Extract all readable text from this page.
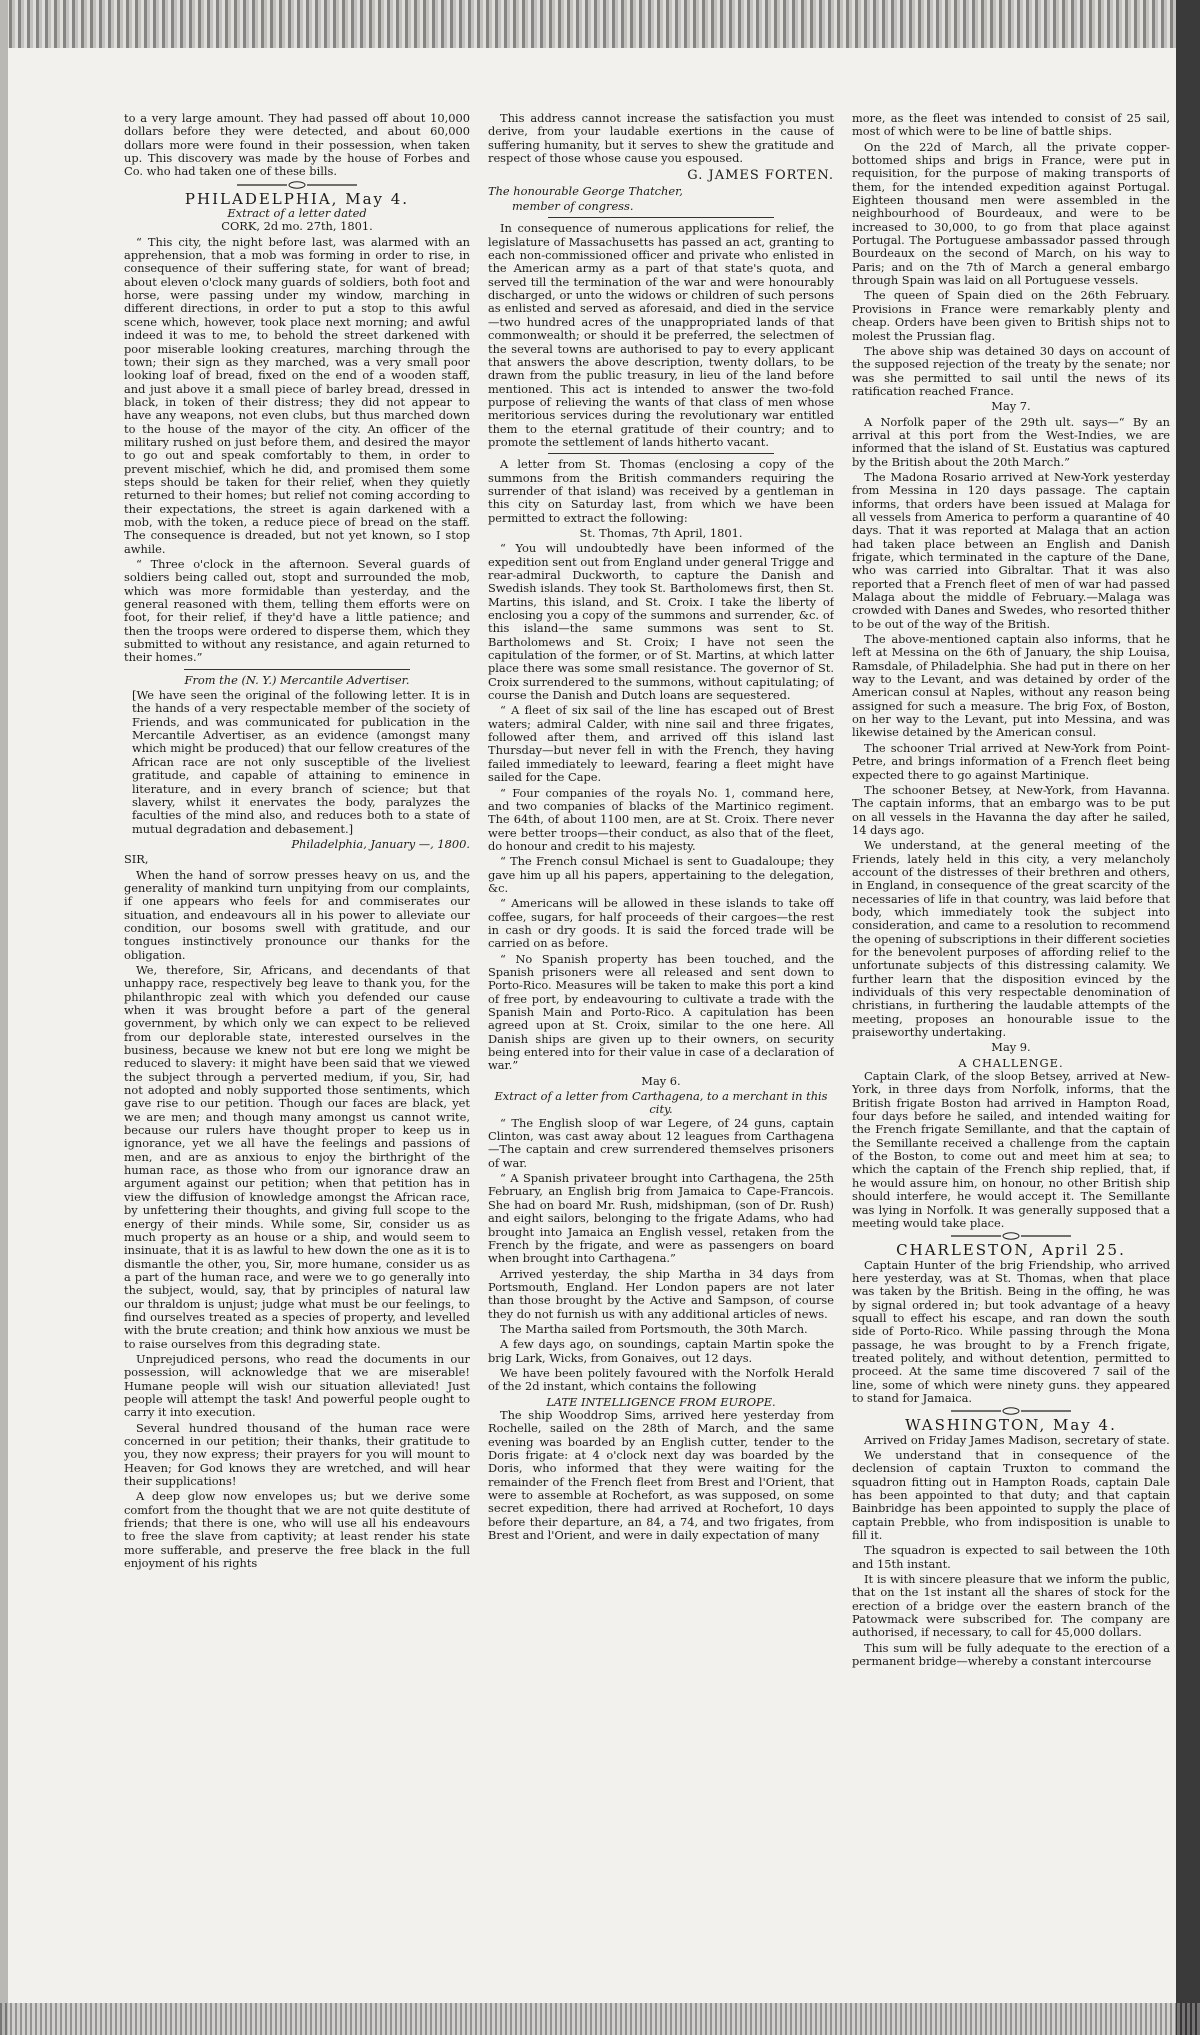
to a very large amount. They had passed off about 10,000 dollars before they were detected, and about 60,000 dollars more were found in their possession, when taken up. This discovery was made by the house of Forbes and Co. who had taken one of these bills.

PHILADELPHIA, May 4.

Extract of a letter dated

CORK, 2d mo. 27th, 1801.

“ This city, the night before last, was alarmed with an apprehension, that a mob was forming in order to rise, in consequence of their suffering state, for want of bread; about eleven o'clock many guards of soldiers, both foot and horse, were passing under my window, marching in different directions, in order to put a stop to this awful scene which, however, took place next morning; and awful indeed it was to me, to behold the street darkened with poor miserable looking creatures, marching through the town; their sign as they marched, was a very small poor looking loaf of bread, fixed on the end of a wooden staff, and just above it a small piece of barley bread, dressed in black, in token of their distress; they did not appear to have any weapons, not even clubs, but thus marched down to the house of the mayor of the city. An officer of the military rushed on just before them, and desired the mayor to go out and speak comfortably to them, in order to prevent mischief, which he did, and promised them some steps should be taken for their relief, when they quietly returned to their homes; but relief not coming according to their expectations, the street is again darkened with a mob, with the token, a reduce piece of bread on the staff. The consequence is dreaded, but not yet known, so I stop awhile.

“ Three o'clock in the afternoon. Several guards of soldiers being called out, stopt and surrounded the mob, which was more formidable than yesterday, and the general reasoned with them, telling them efforts were on foot, for their relief, if they'd have a little patience; and then the troops were ordered to disperse them, which they submitted to without any resistance, and again returned to their homes.”

From the (N. Y.) Mercantile Advertiser.

[We have seen the original of the following letter. It is in the hands of a very respectable member of the society of Friends, and was communicated for publication in the Mercantile Advertiser, as an evidence (amongst many which might be produced) that our fellow creatures of the African race are not only susceptible of the liveliest gratitude, and capable of attaining to eminence in literature, and in every branch of science; but that slavery, whilst it enervates the body, paralyzes the faculties of the mind also, and reduces both to a state of mutual degradation and debasement.]

Philadelphia, January —, 1800.

SIR,

When the hand of sorrow presses heavy on us, and the generality of mankind turn unpitying from our complaints, if one appears who feels for and commiserates our situation, and endeavours all in his power to alleviate our condition, our bosoms swell with gratitude, and our tongues instinctively pronounce our thanks for the obligation.

We, therefore, Sir, Africans, and decendants of that unhappy race, respectively beg leave to thank you, for the philanthropic zeal with which you defended our cause when it was brought before a part of the general government, by which only we can expect to be relieved from our deplorable state, interested ourselves in the business, because we knew not but ere long we might be reduced to slavery: it might have been said that we viewed the subject through a perverted medium, if you, Sir, had not adopted and nobly supported those sentiments, which gave rise to our petition. Though our faces are black, yet we are men; and though many amongst us cannot write, because our rulers have thought proper to keep us in ignorance, yet we all have the feelings and passions of men, and are as anxious to enjoy the birthright of the human race, as those who from our ignorance draw an argument against our petition; when that petition has in view the diffusion of knowledge amongst the African race, by unfettering their thoughts, and giving full scope to the energy of their minds. While some, Sir, consider us as much property as an house or a ship, and would seem to insinuate, that it is as lawful to hew down the one as it is to dismantle the other, you, Sir, more humane, consider us as a part of the human race, and were we to go generally into the subject, would, say, that by principles of natural law our thraldom is unjust; judge what must be our feelings, to find ourselves treated as a species of property, and levelled with the brute creation; and think how anxious we must be to raise ourselves from this degrading state.

Unprejudiced persons, who read the documents in our possession, will acknowledge that we are miserable! Humane people will wish our situation alleviated! Just people will attempt the task! And powerful people ought to carry it into execution.

Several hundred thousand of the human race were concerned in our petition; their thanks, their gratitude to you, they now express; their prayers for you will mount to Heaven; for God knows they are wretched, and will hear their supplications!

A deep glow now envelopes us; but we derive some comfort from the thought that we are not quite destitute of friends; that there is one, who will use all his endeavours to free the slave from captivity; at least render his state more sufferable, and preserve the free black in the full enjoyment of his rights

This address cannot increase the satisfaction you must derive, from your laudable exertions in the cause of suffering humanity, but it serves to shew the gratitude and respect of those whose cause you espoused.

G. JAMES FORTEN.

The honourable George Thatcher,

member of congress.

In consequence of numerous applications for relief, the legislature of Massachusetts has passed an act, granting to each non-commissioned officer and private who enlisted in the American army as a part of that state's quota, and served till the termination of the war and were honourably discharged, or unto the widows or children of such persons as enlisted and served as aforesaid, and died in the service—two hundred acres of the unappropriated lands of that commonwealth; or should it be preferred, the selectmen of the several towns are authorised to pay to every applicant that answers the above description, twenty dollars, to be drawn from the public treasury, in lieu of the land before mentioned. This act is intended to answer the two-fold purpose of relieving the wants of that class of men whose meritorious services during the revolutionary war entitled them to the eternal gratitude of their country; and to promote the settlement of lands hitherto vacant.

A letter from St. Thomas (enclosing a copy of the summons from the British commanders requiring the surrender of that island) was received by a gentleman in this city on Saturday last, from which we have been permitted to extract the following:

St. Thomas, 7th April, 1801.

“ You will undoubtedly have been informed of the expedition sent out from England under general Trigge and rear-admiral Duckworth, to capture the Danish and Swedish islands. They took St. Bartholomews first, then St. Martins, this island, and St. Croix. I take the liberty of enclosing you a copy of the summons and surrender, &c. of this island—the same summons was sent to St. Bartholomews and St. Croix; I have not seen the capitulation of the former, or of St. Martins, at which latter place there was some small resistance. The governor of St. Croix surrendered to the summons, without capitulating; of course the Danish and Dutch loans are sequestered.

“ A fleet of six sail of the line has escaped out of Brest waters; admiral Calder, with nine sail and three frigates, followed after them, and arrived off this island last Thursday—but never fell in with the French, they having failed immediately to leeward, fearing a fleet might have sailed for the Cape.

“ Four companies of the royals No. 1, command here, and two companies of blacks of the Martinico regiment. The 64th, of about 1100 men, are at St. Croix. There never were better troops—their conduct, as also that of the fleet, do honour and credit to his majesty.

“ The French consul Michael is sent to Guadaloupe; they gave him up all his papers, appertaining to the delegation, &c.

“ Americans will be allowed in these islands to take off coffee, sugars, for half proceeds of their cargoes—the rest in cash or dry goods. It is said the forced trade will be carried on as before.

“ No Spanish property has been touched, and the Spanish prisoners were all released and sent down to Porto-Rico. Measures will be taken to make this port a kind of free port, by endeavouring to cultivate a trade with the Spanish Main and Porto-Rico. A capitulation has been agreed upon at St. Croix, similar to the one here. All Danish ships are given up to their owners, on security being entered into for their value in case of a declaration of war.”

May 6.

Extract of a letter from Carthagena, to a merchant in this city.

“ The English sloop of war Legere, of 24 guns, captain Clinton, was cast away about 12 leagues from Carthagena—The captain and crew surrendered themselves prisoners of war.

“ A Spanish privateer brought into Carthagena, the 25th February, an English brig from Jamaica to Cape-Francois. She had on board Mr. Rush, midshipman, (son of Dr. Rush) and eight sailors, belonging to the frigate Adams, who had brought into Jamaica an English vessel, retaken from the French by the frigate, and were as passengers on board when brought into Carthagena.”

Arrived yesterday, the ship Martha in 34 days from Portsmouth, England. Her London papers are not later than those brought by the Active and Sampson, of course they do not furnish us with any additional articles of news.

The Martha sailed from Portsmouth, the 30th March.

A few days ago, on soundings, captain Martin spoke the brig Lark, Wicks, from Gonaives, out 12 days.

We have been politely favoured with the Norfolk Herald of the 2d instant, which contains the following

LATE INTELLIGENCE FROM EUROPE.

The ship Wooddrop Sims, arrived here yesterday from Rochelle, sailed on the 28th of March, and the same evening was boarded by an English cutter, tender to the Doris frigate: at 4 o'clock next day was boarded by the Doris, who informed that they were waiting for the remainder of the French fleet from Brest and l'Orient, that were to assemble at Rochefort, as was supposed, on some secret expedition, there had arrived at Rochefort, 10 days before their departure, an 84, a 74, and two frigates, from Brest and l'Orient, and were in daily expectation of many

more, as the fleet was intended to consist of 25 sail, most of which were to be line of battle ships.

On the 22d of March, all the private copper-bottomed ships and brigs in France, were put in requisition, for the purpose of making transports of them, for the intended expedition against Portugal. Eighteen thousand men were assembled in the neighbourhood of Bourdeaux, and were to be increased to 30,000, to go from that place against Portugal. The Portuguese ambassador passed through Bourdeaux on the second of March, on his way to Paris; and on the 7th of March a general embargo through Spain was laid on all Portuguese vessels.

The queen of Spain died on the 26th February. Provisions in France were remarkably plenty and cheap. Orders have been given to British ships not to molest the Prussian flag.

The above ship was detained 30 days on account of the supposed rejection of the treaty by the senate; nor was she permitted to sail until the news of its ratification reached France.

May 7.

A Norfolk paper of the 29th ult. says—“ By an arrival at this port from the West-Indies, we are informed that the island of St. Eustatius was captured by the British about the 20th March.”

The Madona Rosario arrived at New-York yesterday from Messina in 120 days passage. The captain informs, that orders have been issued at Malaga for all vessels from America to perform a quarantine of 40 days. That it was reported at Malaga that an action had taken place between an English and Danish frigate, which terminated in the capture of the Dane, who was carried into Gibraltar. That it was also reported that a French fleet of men of war had passed Malaga about the middle of February.—Malaga was crowded with Danes and Swedes, who resorted thither to be out of the way of the British.

The above-mentioned captain also informs, that he left at Messina on the 6th of January, the ship Louisa, Ramsdale, of Philadelphia. She had put in there on her way to the Levant, and was detained by order of the American consul at Naples, without any reason being assigned for such a measure. The brig Fox, of Boston, on her way to the Levant, put into Messina, and was likewise detained by the American consul.

The schooner Trial arrived at New-York from Point-Petre, and brings information of a French fleet being expected there to go against Martinique.

The schooner Betsey, at New-York, from Havanna. The captain informs, that an embargo was to be put on all vessels in the Havanna the day after he sailed, 14 days ago.

We understand, at the general meeting of the Friends, lately held in this city, a very melancholy account of the distresses of their brethren and others, in England, in consequence of the great scarcity of the necessaries of life in that country, was laid before that body, which immediately took the subject into consideration, and came to a resolution to recommend the opening of subscriptions in their different societies for the benevolent purposes of affording relief to the unfortunate subjects of this distressing calamity. We further learn that the disposition evinced by the individuals of this very respectable denomination of christians, in furthering the laudable attempts of the meeting, proposes an honourable issue to the praiseworthy undertaking.

May 9.

A CHALLENGE.

Captain Clark, of the sloop Betsey, arrived at New-York, in three days from Norfolk, informs, that the British frigate Boston had arrived in Hampton Road, four days before he sailed, and intended waiting for the French frigate Semillante, and that the captain of the Semillante received a challenge from the captain of the Boston, to come out and meet him at sea; to which the captain of the French ship replied, that, if he would assure him, on honour, no other British ship should interfere, he would accept it. The Semillante was lying in Norfolk. It was generally supposed that a meeting would take place.

CHARLESTON, April 25.

Captain Hunter of the brig Friendship, who arrived here yesterday, was at St. Thomas, when that place was taken by the British. Being in the offing, he was by signal ordered in; but took advantage of a heavy squall to effect his escape, and ran down the south side of Porto-Rico. While passing through the Mona passage, he was brought to by a French frigate, treated politely, and without detention, permitted to proceed. At the same time discovered 7 sail of the line, some of which were ninety guns. they appeared to stand for Jamaica.

WASHINGTON, May 4.

Arrived on Friday James Madison, secretary of state.

We understand that in consequence of the declension of captain Truxton to command the squadron fitting out in Hampton Roads, captain Dale has been appointed to that duty; and that captain Bainbridge has been appointed to supply the place of captain Prebble, who from indisposition is unable to fill it.

The squadron is expected to sail between the 10th and 15th instant.

It is with sincere pleasure that we inform the public, that on the 1st instant all the shares of stock for the erection of a bridge over the eastern branch of the Patowmack were subscribed for. The company are authorised, if necessary, to call for 45,000 dollars.

This sum will be fully adequate to the erection of a permanent bridge—whereby a constant intercourse
